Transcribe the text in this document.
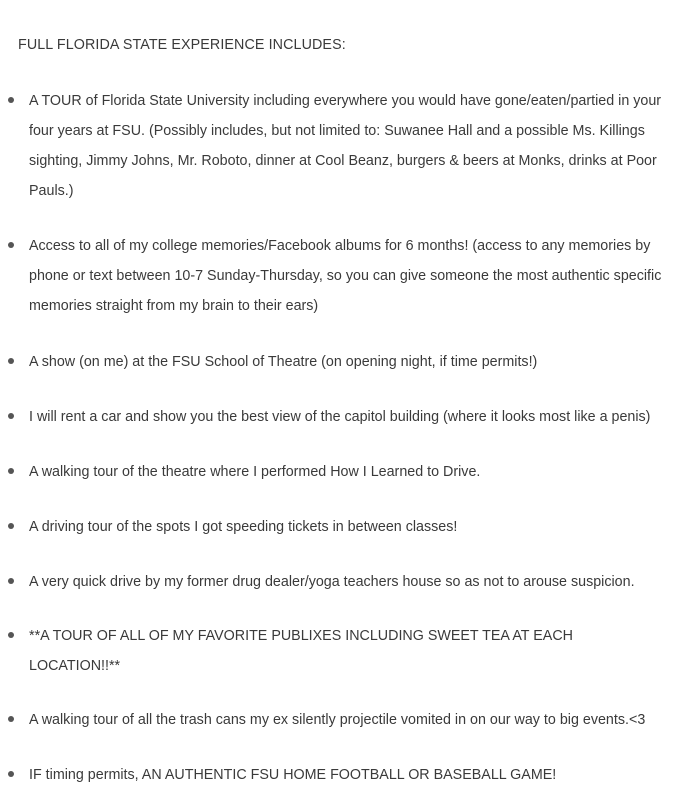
FULL FLORIDA STATE EXPERIENCE INCLUDES:

A TOUR of Florida State University including everywhere you would have gone/eaten/partied in your
four years at FSU. (Possibly includes, but not limited to: Suwanee Hall and a possible Ms. Killings
sighting, Jimmy Johns, Mr. Roboto, dinner at Cool Beanz, burgers & beers at Monks, drinks at Poor
Pauls.)

Access to all of my college memories/Facebook albums for 6 months! (access to any memories by
phone or text between 10-7 Sunday-Thursday, so you can give someone the most authentic specific
memories straight from my brain to their ears)

A show (on me) at the FSU School of Theatre (on opening night, if time permits!)

I will rent a car and show you the best view of the capitol building (where it looks most like a penis)

A walking tour of the theatre where I performed How I Learned to Drive.

A driving tour of the spots I got speeding tickets in between classes!

A very quick drive by my former drug dealer/yoga teachers house so as not to arouse suspicion.

**A TOUR OF ALL OF MY FAVORITE PUBLIXES INCLUDING SWEET TEA AT EACH
LOCATION!!**

A walking tour of all the trash cans my ex silently projectile vomited in on our way to big events.<3

IF timing permits, AN AUTHENTIC FSU HOME FOOTBALL OR BASEBALL GAME!
